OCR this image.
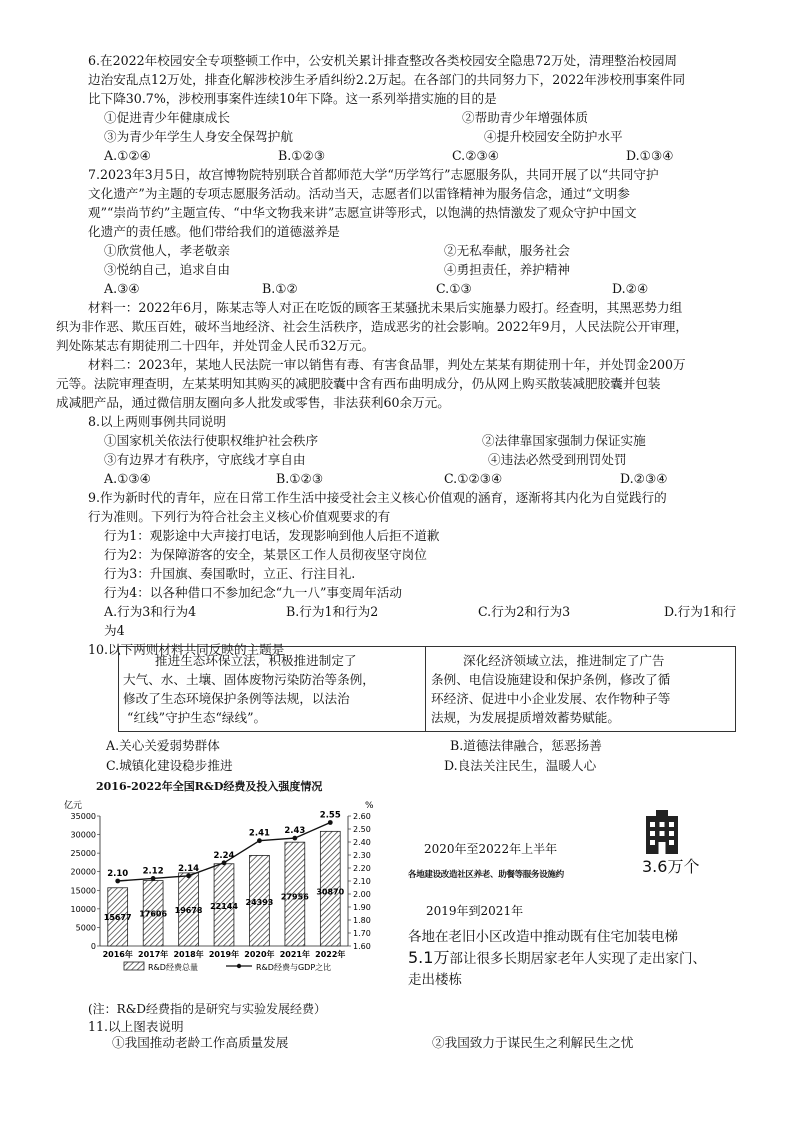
6.在2022年校园安全专项整顿工作中，公安机关累计排查整改各类校园安全隐患72万处，清理整治校园周
边治安乱点12万处，排查化解涉校涉生矛盾纠纷2.2万起。在各部门的共同努力下，2022年涉校刑事案件同
比下降30.7%，涉校刑事案件连续10年下降。这一系列举措实施的目的是
①促进青少年健康成长	②帮助青少年增强体质
③为青少年学生人身安全保驾护航	④提升校园安全防护水平
A.①②④	B.①②③	C.②③④	D.①③④
7.2023年3月5日，故宫博物院特别联合首都师范大学“历学笃行”志愿服务队，共同开展了以“共同守护
文化遗产”为主题的专项志愿服务活动。活动当天，志愿者们以雷锋精神为服务信念，通过“文明参
观”“崇尚节约”主题宣传、“中华文物我来讲”志愿宣讲等形式，以饱满的热情激发了观众守护中国文
化遗产的责任感。他们带给我们的道德滋养是
①欣赏他人，孝老敬亲	②无私奉献，服务社会
③悦纳自己，追求自由	④勇担责任，养护精神
A.③④	B.①②	C.①③	D.②④
材料一：2022年6月，陈某志等人对正在吃饭的顾客王某骚扰未果后实施暴力殴打。经查明，其黑恶势力组
织为非作恶、欺压百姓，破坏当地经济、社会生活秩序，造成恶劣的社会影响。2022年9月，人民法院公开审理，
判处陈某志有期徒刑二十四年，并处罚金人民币32万元。
材料二：2023年，某地人民法院一审以销售有毒、有害食品罪，判处左某某有期徒刑十年，并处罚金200万
元等。法院审理查明，左某某明知其购买的减肥胶囊中含有西布曲明成分，仍从网上购买散装减肥胶囊并包装
成减肥产品，通过微信朋友圈向多人批发或零售，非法获利60余万元。
8.以上两则事例共同说明
①国家机关依法行使职权维护社会秩序	②法律靠国家强制力保证实施
③有边界才有秩序，守底线才享自由	④违法必然受到刑罚处罚
A.①③④	B.①②③	C.①②③④	D.②③④
9.作为新时代的青年，应在日常工作生活中接受社会主义核心价值观的涵育，逐渐将其内化为自觉践行的
行为准则。下列行为符合社会主义核心价值观要求的有
行为1：观影途中大声接打电话，发现影响到他人后拒不道歉
行为2：为保障游客的安全，某景区工作人员彻夜坚守岗位
行为3：升国旗、奏国歌时，立正、行注目礼.
行为4：以各种借口不参加纪念“九一八”事变周年活动
A.行为3和行为4	B.行为1和行为2	C.行为2和行为3	D.行为1和行
为4
10.以下两则材料共同反映的主题是
推进生态环保立法，积极推进制定了
大气、水、土壤、固体废物污染防治等条例，
修改了生态环境保护条例等法规，以法治
“红线”守护生态“绿线”。
深化经济领域立法，推进制定了广告
条例、电信设施建设和保护条例，修改了循
环经济、促进中小企业发展、农作物种子等
法规，为发展提质增效蓄势赋能。
A.关心关爱弱势群体	B.道德法律融合，惩恶扬善
C.城镇化建设稳步推进	D.良法关注民生，温暖人心
2016-2022年全国R&D经费及投入强度情况
亿元	%
0
5000
10000
15000
20000
25000
30000
35000
1.60
1.70
1.80
1.90
2.00
2.10
2.20
2.30
2.40
2.50
2.60
15677
2016年
17606
2017年
19678
2018年
22144
2019年
24393
2020年
27956
2021年
30870
2022年
2.10 2.12 2.14
2.24
2.41 2.43
2.55
R&D经费总量	R&D经费与GDP之比
2020年至2022年上半年
各地建设改造社区养老、助餐等服务设施约	3.6万个
2019年到2021年
各地在老旧小区改造中推动既有住宅加装电梯
5.1万部让很多长期居家老年人实现了走出家门、
走出楼栋
(注：R&D经费指的是研究与实验发展经费）
11.以上图表说明
①我国推动老龄工作高质量发展	②我国致力于谋民生之利解民生之忧
